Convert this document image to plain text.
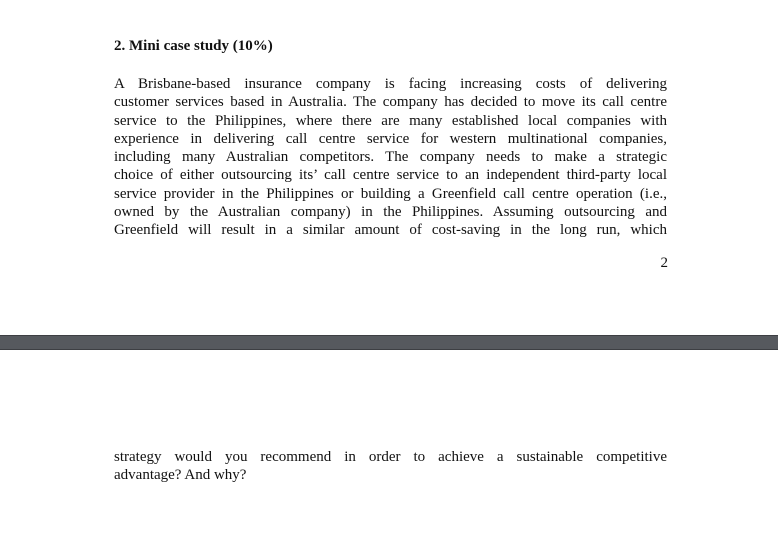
2. Mini case study (10%)
A Brisbane-based insurance company is facing increasing costs of delivering
customer services based in Australia. The company has decided to move its call centre
service to the Philippines, where there are many established local companies with
experience in delivering call centre service for western multinational companies,
including many Australian competitors. The company needs to make a strategic
choice of either outsourcing its’ call centre service to an independent third-party local
service provider in the Philippines or building a Greenfield call centre operation (i.e.,
owned by the Australian company) in the Philippines. Assuming outsourcing and
Greenfield will result in a similar amount of cost-saving in the long run, which

2

strategy would you recommend in order to achieve a sustainable competitive
advantage? And why?
